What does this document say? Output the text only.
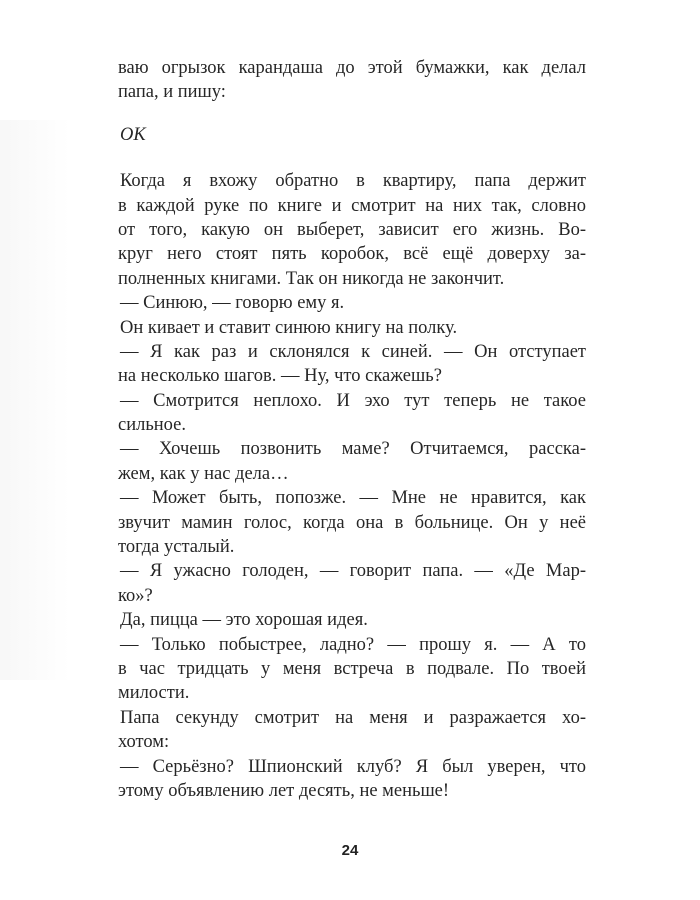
ваю огрызок карандаша до этой бумажки, как делал
папа, и пишу:
ОК
Когда я вхожу обратно в квартиру, папа держит
в каждой руке по книге и смотрит на них так, словно
от того, какую он выберет, зависит его жизнь. Во-
круг него стоят пять коробок, всё ещё доверху за-
полненных книгами. Так он никогда не закончит.
— Синюю, — говорю ему я.
Он кивает и ставит синюю книгу на полку.
— Я как раз и склонялся к синей. — Он отступает
на несколько шагов. — Ну, что скажешь?
— Смотрится неплохо. И эхо тут теперь не такое
сильное.
— Хочешь позвонить маме? Отчитаемся, расска-
жем, как у нас дела…
— Может быть, попозже. — Мне не нравится, как
звучит мамин голос, когда она в больнице. Он у неё
тогда усталый.
— Я ужасно голоден, — говорит папа. — «Де Мар-
ко»?
Да, пицца — это хорошая идея.
— Только побыстрее, ладно? — прошу я. — А то
в час тридцать у меня встреча в подвале. По твоей
милости.
Папа секунду смотрит на меня и разражается хо-
хотом:
— Серьёзно? Шпионский клуб? Я был уверен, что
этому объявлению лет десять, не меньше!
24
